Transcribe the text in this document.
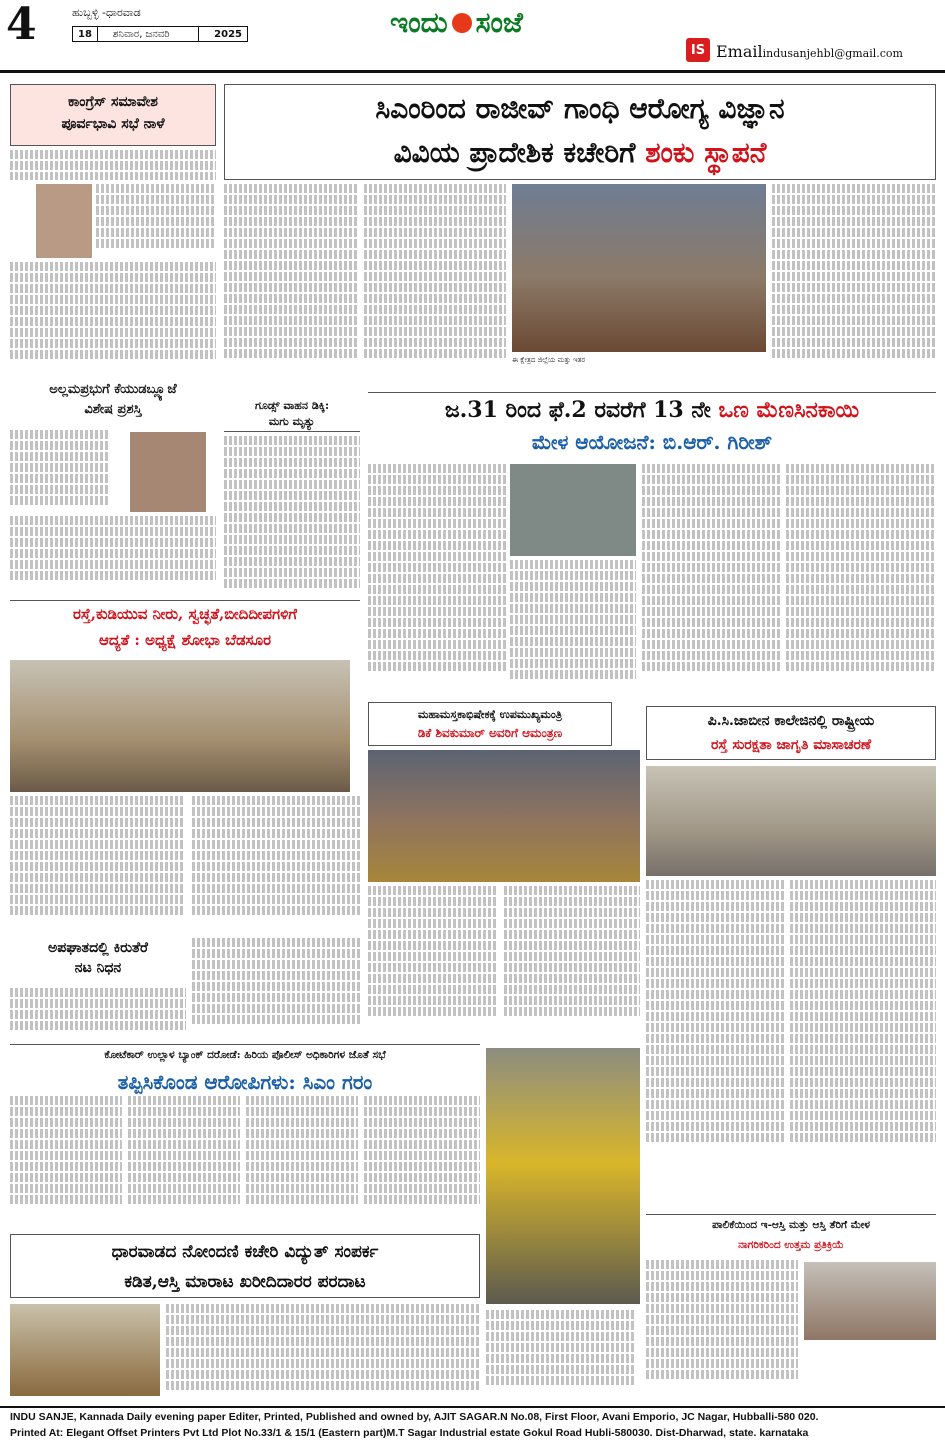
4	ಹುಬ್ಬಳ್ಳಿ -ಧಾರವಾಡ
18	ಶನಿವಾರ, ಜನವರಿ	2025	ಇಂದು ಸಂಜೆ
IS Emailindusanjehbl@gmail.com
ಕಾಂಗ್ರೆಸ್ ಸಮಾವೇಶ
ಪೂರ್ವಭಾವಿ ಸಭೆ ನಾಳೆ
ಅಲ್ಲಮಪ್ರಭುಗೆ ಕೆಯುಡಬ್ಲ್ಯೂಜೆ
ವಿಶೇಷ ಪ್ರಶಸ್ತಿ	ಗೂಡ್ಸ್ ವಾಹನ ಡಿಕ್ಕಿ:
ಮಗು ಮೃತ್ಯು
ಸಿಎಂರಿಂದ ರಾಜೀವ್ ಗಾಂಧಿ ಆರೋಗ್ಯ ವಿಜ್ಞಾನ
ವಿವಿಯ ಪ್ರಾದೇಶಿಕ ಕಚೇರಿಗೆ ಶಂಕು ಸ್ಥಾಪನೆ
ಈ ಕ್ಷೇತ್ರದ ಜಿಲ್ಲೆಯ ಮತ್ತು ಇತರ
ಜ.31 ರಿಂದ ಫೆ.2 ರವರೆಗೆ 13 ನೇ ಒಣ ಮೆಣಸಿನಕಾಯಿ
ಮೇಳ ಆಯೋಜನೆ: ಬಿ.ಆರ್. ಗಿರೀಶ್
ರಸ್ತೆ,ಕುಡಿಯುವ ನೀರು, ಸ್ವಚ್ಛತೆ,ಬೀದಿದೀಪಗಳಿಗೆ
ಆದ್ಯತೆ : ಅಧ್ಯಕ್ಷೆ ಶೋಭಾ ಬೆಡಸೂರ
ಅಪಘಾತದಲ್ಲಿ ಕಿರುತೆರೆ
ನಟ ನಿಧನ
ಮಹಾಮಸ್ತಕಾಭಿಷೇಕಕ್ಕೆ ಉಪಮುಖ್ಯಮಂತ್ರಿ
ಡಿಕೆ ಶಿವಕುಮಾರ್ ಅವರಿಗೆ ಆಮಂತ್ರಣ
ಪಿ.ಸಿ.ಜಾಬೀನ ಕಾಲೇಜಿನಲ್ಲಿ ರಾಷ್ಟ್ರೀಯ
ರಸ್ತೆ ಸುರಕ್ಷತಾ ಜಾಗೃತಿ ಮಾಸಾಚರಣೆ
ಕೋಟೆಕಾರ್ ಉಲ್ಲಾಳ ಬ್ಯಾಂಕ್ ದರೋಡೆ: ಹಿರಿಯ ಪೊಲೀಸ್ ಅಧಿಕಾರಿಗಳ ಜೊತೆ ಸಭೆ
ತಪ್ಪಿಸಿಕೊಂಡ ಆರೋಪಿಗಳು: ಸಿಎಂ ಗರಂ
ಧಾರವಾಡದ ನೋಂದಣಿ ಕಚೇರಿ ವಿದ್ಯುತ್ ಸಂಪರ್ಕ
ಕಡಿತ,ಆಸ್ತಿ ಮಾರಾಟ ಖರೀದಿದಾರರ ಪರದಾಟ
ಪಾಲಿಕೆಯಿಂದ ಇ-ಆಸ್ತಿ ಮತ್ತು ಆಸ್ತಿ ತೆರಿಗೆ ಮೇಳ
ನಾಗರಿಕರಿಂದ ಉತ್ತಮ ಪ್ರತಿಕ್ರಿಯೆ
INDU SANJE, Kannada Daily evening paper Editer, Printed, Published and owned by, AJIT SAGAR.N No.08, First Floor, Avani Emporio, JC Nagar, Hubballi-580 020.
Printed At: Elegant Offset Printers Pvt Ltd Plot No.33/1 & 15/1 (Eastern part)M.T Sagar Industrial estate Gokul Road Hubli-580030. Dist-Dharwad, state. karnataka
